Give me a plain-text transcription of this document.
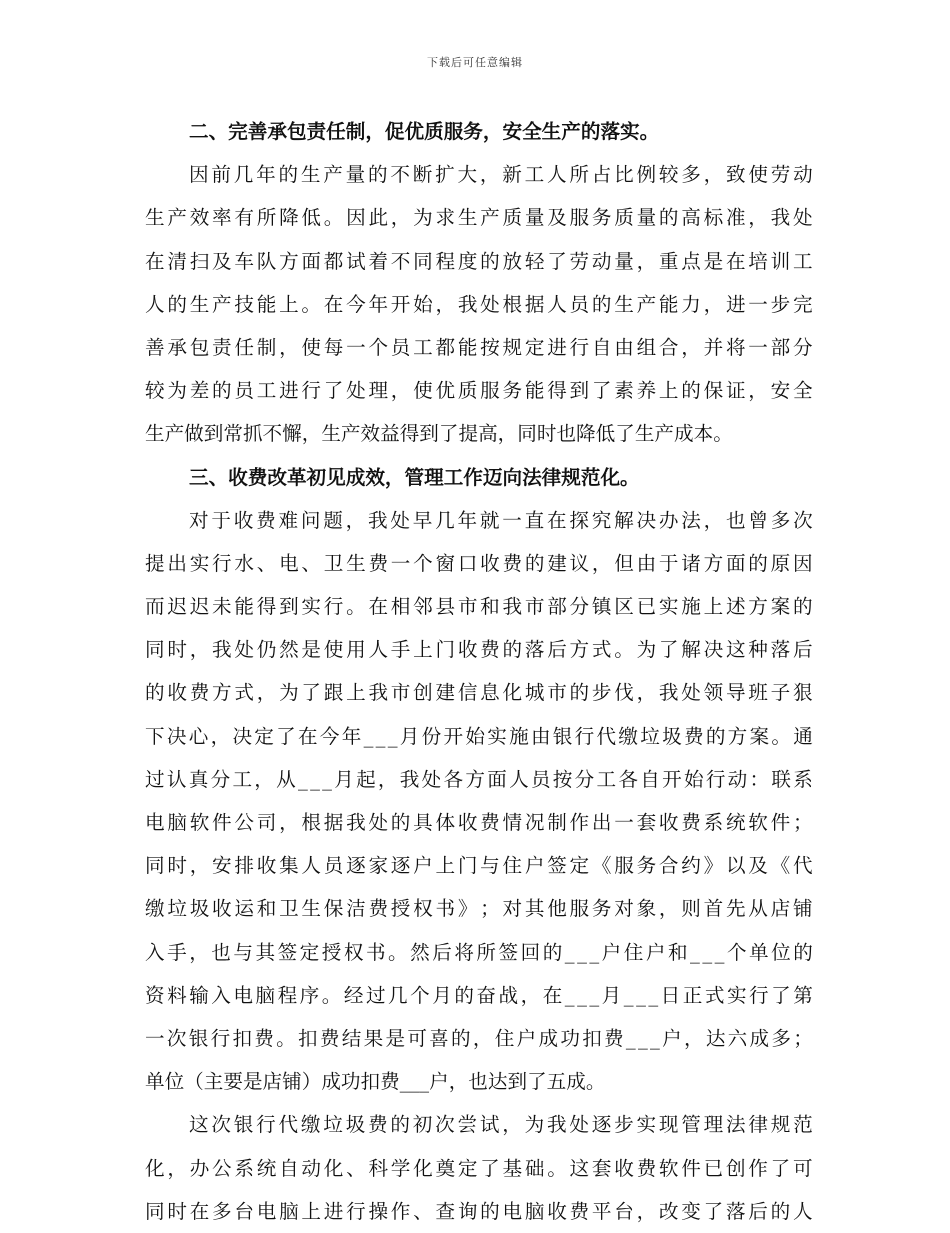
下载后可任意编辑
二、完善承包责任制，促优质服务，安全生产的落实。
因 前 几 年 的 生 产 量 的 不 断 扩 大 ， 新 工 人 所 占 比 例 较 多 ， 致 使 劳 动
生 产 效 率 有 所 降 低 。 因 此 ， 为 求 生 产 质 量 及 服 务 质 量 的 高 标 准 ， 我 处
在 清 扫 及 车 队 方 面 都 试 着 不 同 程 度 的 放 轻 了 劳 动 量 ， 重 点 是 在 培 训 工
人 的 生 产 技 能 上 。 在 今 年 开 始 ， 我 处 根 据 人 员 的 生 产 能 力 ， 进 一 步 完
善 承 包 责 任 制 ， 使 每 一 个 员 工 都 能 按 规 定 进 行 自 由 组 合 ， 并 将 一 部 分
较 为 差 的 员 工 进 行 了 处 理 ， 使 优 质 服 务 能 得 到 了 素 养 上 的 保 证 ， 安 全
生产做到常抓不懈，生产效益得到了提高，同时也降低了生产成本。
三、收费改革初见成效，管理工作迈向法律规范化。
对 于 收 费 难 问 题 ， 我 处 早 几 年 就 一 直 在 探 究 解 决 办 法 ， 也 曾 多 次
提 出 实 行 水 、 电 、 卫 生 费 一 个 窗 口 收 费 的 建 议 ， 但 由 于 诸 方 面 的 原 因
而 迟 迟 未 能 得 到 实 行 。 在 相 邻 县 市 和 我 市 部 分 镇 区 已 实 施 上 述 方 案 的
同 时 ， 我 处 仍 然 是 使 用 人 手 上 门 收 费 的 落 后 方 式 。 为 了 解 决 这 种 落 后
的 收 费 方 式 ， 为 了 跟 上 我 市 创 建 信 息 化 城 市 的 步 伐 ， 我 处 领 导 班 子 狠
下 决 心 ， 决 定 了 在 今 年 _ _ _ 月 份 开 始 实 施 由 银 行 代 缴 垃 圾 费 的 方 案 。 通
过 认 真 分 工 ， 从 _ _ _ 月 起 ， 我 处 各 方 面 人 员 按 分 工 各 自 开 始 行 动 ： 联 系
电 脑 软 件 公 司 ， 根 据 我 处 的 具 体 收 费 情 况 制 作 出 一 套 收 费 系 统 软 件 ；
同 时 ， 安 排 收 集 人 员 逐 家 逐 户 上 门 与 住 户 签 定 《 服 务 合 约 》 以 及 《 代
缴 垃 圾 收 运 和 卫 生 保 洁 费 授 权 书 》 ； 对 其 他 服 务 对 象 ， 则 首 先 从 店 铺
入 手 ， 也 与 其 签 定 授 权 书 。 然 后 将 所 签 回 的 _ _ _ 户 住 户 和 _ _ _ 个 单 位 的
资 料 输 入 电 脑 程 序 。 经 过 几 个 月 的 奋 战 ， 在 _ _ _ 月 _ _ _ 日 正 式 实 行 了 第
一 次 银 行 扣 费 。 扣 费 结 果 是 可 喜 的 ， 住 户 成 功 扣 费 _ _ _ 户 ， 达 六 成 多 ；
单位（主要是店铺）成功扣费___户，也达到了五成。
这 次 银 行 代 缴 垃 圾 费 的 初 次 尝 试 ， 为 我 处 逐 步 实 现 管 理 法 律 规 范
化 ， 办 公 系 统 自 动 化 、 科 学 化 奠 定 了 基 础 。 这 套 收 费 软 件 已 创 作 了 可
同 时 在 多 台 电 脑 上 进 行 操 作 、 查 询 的 电 脑 收 费 平 台 ， 改 变 了 落 后 的 人
